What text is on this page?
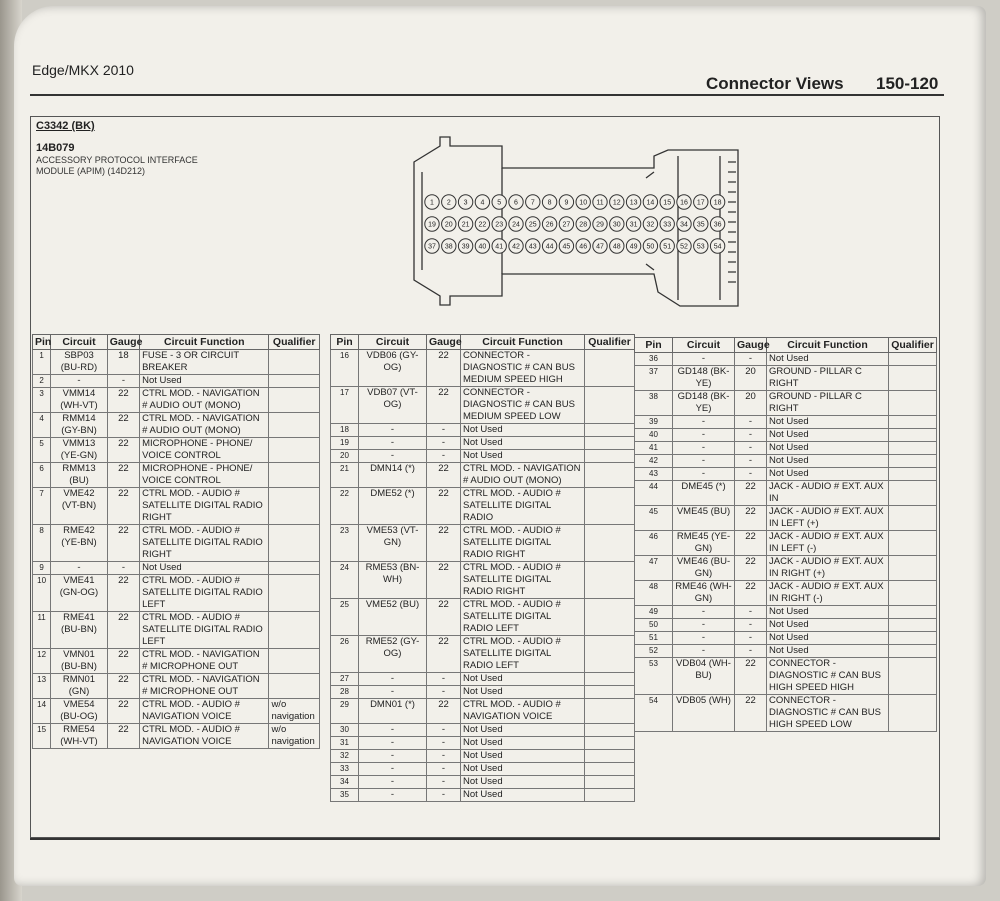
Edge/MKX 2010
Connector Views 150-120
C3342 (BK)
14B079
ACCESSORY PROTOCOL INTERFACE MODULE (APIM) (14D212)
1 2 3 4 5 6 7 8 9 10 11 12 13 14 15 16 17 18
19 20 21 22 23 24 25 26 27 28 29 30 31 32 33 34 35 36
37 38 39 40 41 42 43 44 45 46 47 48 49 50 51 52 53 54
Pin	Circuit	Gauge	Circuit Function	Qualifier
1	SBP03 (BU-RD)	18	FUSE - 3 OR CIRCUIT BREAKER	
2	-	-	Not Used	
3	VMM14 (WH-VT)	22	CTRL MOD. - NAVIGATION # AUDIO OUT (MONO)	
4	RMM14 (GY-BN)	22	CTRL MOD. - NAVIGATION # AUDIO OUT (MONO)	
5	VMM13 (YE-GN)	22	MICROPHONE - PHONE/ VOICE CONTROL	
6	RMM13 (BU)	22	MICROPHONE - PHONE/ VOICE CONTROL	
7	VME42 (VT-BN)	22	CTRL MOD. - AUDIO # SATELLITE DIGITAL RADIO RIGHT	
8	RME42 (YE-BN)	22	CTRL MOD. - AUDIO # SATELLITE DIGITAL RADIO RIGHT	
9	-	-	Not Used	
10	VME41 (GN-OG)	22	CTRL MOD. - AUDIO # SATELLITE DIGITAL RADIO LEFT	
11	RME41 (BU-BN)	22	CTRL MOD. - AUDIO # SATELLITE DIGITAL RADIO LEFT	
12	VMN01 (BU-BN)	22	CTRL MOD. - NAVIGATION # MICROPHONE OUT	
13	RMN01 (GN)	22	CTRL MOD. - NAVIGATION # MICROPHONE OUT	
14	VME54 (BU-OG)	22	CTRL MOD. - AUDIO # NAVIGATION VOICE	w/o navigation
15	RME54 (WH-VT)	22	CTRL MOD. - AUDIO # NAVIGATION VOICE	w/o navigation
Pin	Circuit	Gauge	Circuit Function	Qualifier
16	VDB06 (GY-OG)	22	CONNECTOR - DIAGNOSTIC # CAN BUS MEDIUM SPEED HIGH	
17	VDB07 (VT-OG)	22	CONNECTOR - DIAGNOSTIC # CAN BUS MEDIUM SPEED LOW	
18	-	-	Not Used	
19	-	-	Not Used	
20	-	-	Not Used	
21	DMN14 (*)	22	CTRL MOD. - NAVIGATION # AUDIO OUT (MONO)	
22	DME52 (*)	22	CTRL MOD. - AUDIO # SATELLITE DIGITAL RADIO	
23	VME53 (VT-GN)	22	CTRL MOD. - AUDIO # SATELLITE DIGITAL RADIO RIGHT	
24	RME53 (BN-WH)	22	CTRL MOD. - AUDIO # SATELLITE DIGITAL RADIO RIGHT	
25	VME52 (BU)	22	CTRL MOD. - AUDIO # SATELLITE DIGITAL RADIO LEFT	
26	RME52 (GY-OG)	22	CTRL MOD. - AUDIO # SATELLITE DIGITAL RADIO LEFT	
27	-	-	Not Used	
28	-	-	Not Used	
29	DMN01 (*)	22	CTRL MOD. - AUDIO # NAVIGATION VOICE	
30	-	-	Not Used	
31	-	-	Not Used	
32	-	-	Not Used	
33	-	-	Not Used	
34	-	-	Not Used	
35	-	-	Not Used	
Pin	Circuit	Gauge	Circuit Function	Qualifier
36	-	-	Not Used	
37	GD148 (BK-YE)	20	GROUND - PILLAR C RIGHT	
38	GD148 (BK-YE)	20	GROUND - PILLAR C RIGHT	
39	-	-	Not Used	
40	-	-	Not Used	
41	-	-	Not Used	
42	-	-	Not Used	
43	-	-	Not Used	
44	DME45 (*)	22	JACK - AUDIO # EXT. AUX IN	
45	VME45 (BU)	22	JACK - AUDIO # EXT. AUX IN LEFT (+)	
46	RME45 (YE-GN)	22	JACK - AUDIO # EXT. AUX IN LEFT (-)	
47	VME46 (BU-GN)	22	JACK - AUDIO # EXT. AUX IN RIGHT (+)	
48	RME46 (WH-GN)	22	JACK - AUDIO # EXT. AUX IN RIGHT (-)	
49	-	-	Not Used	
50	-	-	Not Used	
51	-	-	Not Used	
52	-	-	Not Used	
53	VDB04 (WH-BU)	22	CONNECTOR - DIAGNOSTIC # CAN BUS HIGH SPEED HIGH	
54	VDB05 (WH)	22	CONNECTOR - DIAGNOSTIC # CAN BUS HIGH SPEED LOW	
